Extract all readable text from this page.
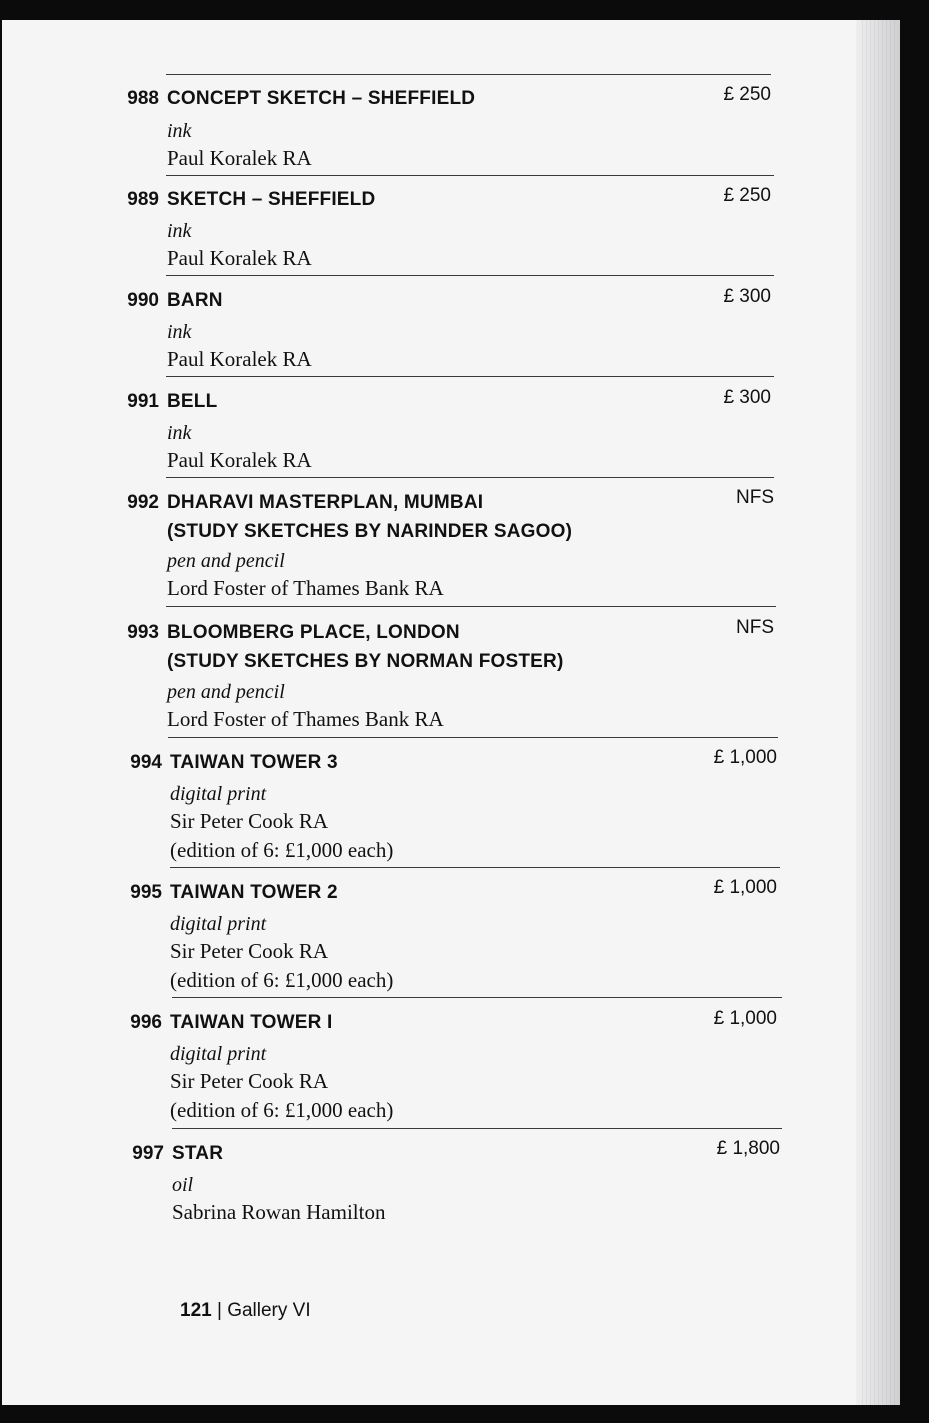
988 CONCEPT SKETCH – SHEFFIELD
ink
Paul Koralek RA
£ 250
989 SKETCH – SHEFFIELD
ink
Paul Koralek RA
£ 250
990 BARN
ink
Paul Koralek RA
£ 300
991 BELL
ink
Paul Koralek RA
£ 300
992 DHARAVI MASTERPLAN, MUMBAI
(STUDY SKETCHES BY NARINDER SAGOO)
pen and pencil
Lord Foster of Thames Bank RA
NFS
993 BLOOMBERG PLACE, LONDON
(STUDY SKETCHES BY NORMAN FOSTER)
pen and pencil
Lord Foster of Thames Bank RA
NFS
994 TAIWAN TOWER 3
digital print
Sir Peter Cook RA
(edition of 6: £1,000 each)
£ 1,000
995 TAIWAN TOWER 2
digital print
Sir Peter Cook RA
(edition of 6: £1,000 each)
£ 1,000
996 TAIWAN TOWER I
digital print
Sir Peter Cook RA
(edition of 6: £1,000 each)
£ 1,000
997 STAR
oil
Sabrina Rowan Hamilton
£ 1,800
121 | Gallery VI
